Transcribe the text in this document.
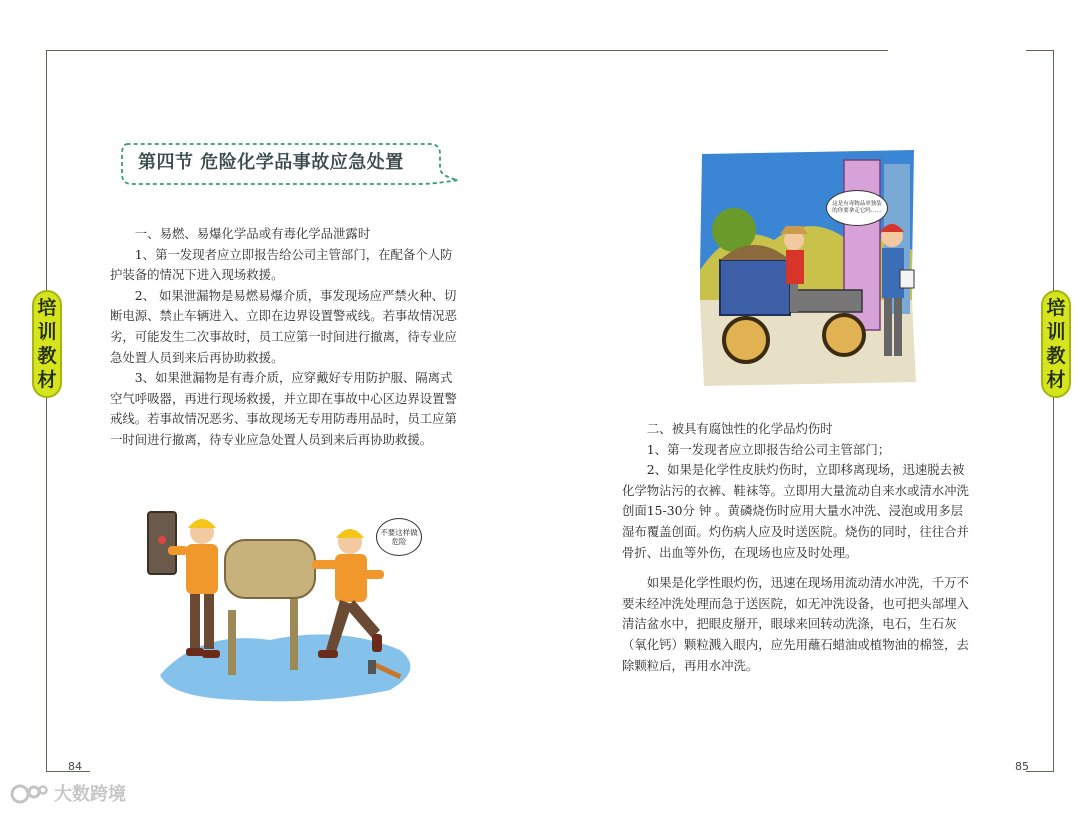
培
训
教
材
培
训
教
材
第四节 危险化学品事故应急处置

一、易燃、易爆化学品或有毒化学品泄露时

1、第一发现者应立即报告给公司主管部门，在配备个人防护装备的情况下进入现场救援。

2、 如果泄漏物是易燃易爆介质，事发现场应严禁火种、切断电源、禁止车辆进入、立即在边界设置警戒线。若事故情况恶劣，可能发生二次事故时，员工应第一时间进行撤离，待专业应急处置人员到来后再协助救援。

3、如果泄漏物是有毒介质，应穿戴好专用防护服、隔离式空气呼吸器，再进行现场救援，并立即在事故中心区边界设置警戒线。若事故情况恶劣、事故现场无专用防毒用品时，员工应第一时间进行撤离，待专业应急处置人员到来后再协助救援。

不要这样做危险
这是有毒物品单独装的你要拿走它吗……

二、被具有腐蚀性的化学品灼伤时

1、第一发现者应立即报告给公司主管部门；

2、如果是化学性皮肤灼伤时，立即移离现场，迅速脱去被化学物沾污的衣裤、鞋袜等。立即用大量流动自来水或清水冲洗创面15-30分 钟 。黄磷烧伤时应用大量水冲洗、浸泡或用多层湿布覆盖创面。灼伤病人应及时送医院。烧伤的同时，往往合并骨折、出血等外伤，在现场也应及时处理。

如果是化学性眼灼伤，迅速在现场用流动清水冲洗，千万不要未经冲洗处理而急于送医院，如无冲洗设备，也可把头部埋入清洁盆水中，把眼皮掰开，眼球来回转动洗涤，电石，生石灰（氧化钙）颗粒溅入眼内，应先用蘸石蜡油或植物油的棉签，去除颗粒后，再用水冲洗。

84	85
大数跨境
